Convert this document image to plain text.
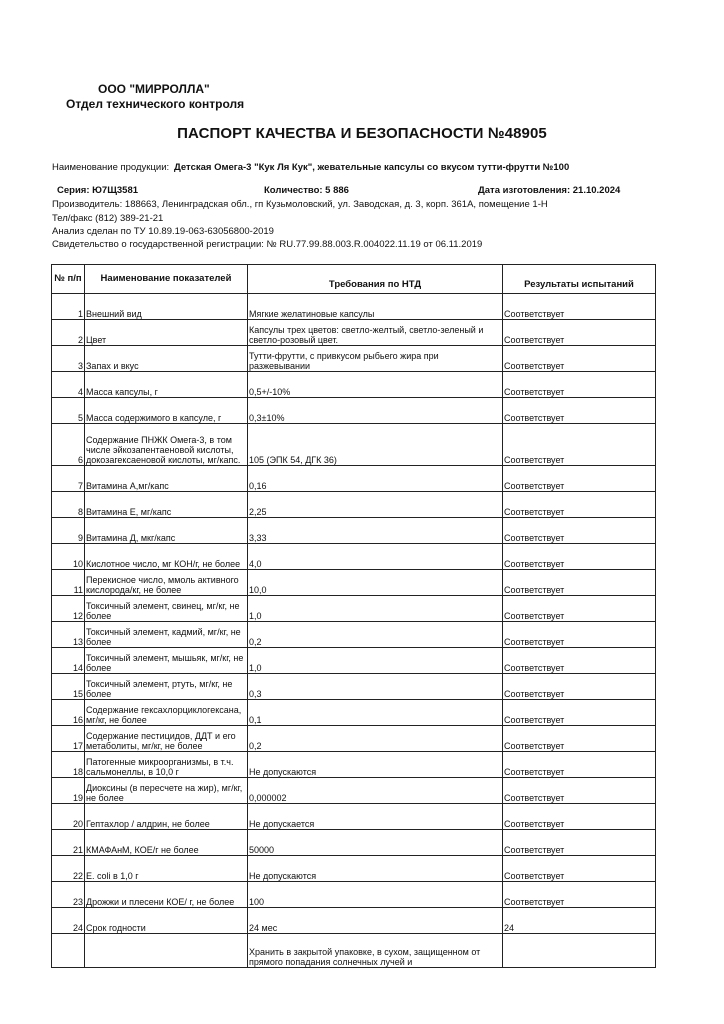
ООО "МИРРОЛЛА"
Отдел технического контроля
ПАСПОРТ КАЧЕСТВА И БЕЗОПАСНОСТИ №48905
Наименование продукции: Детская Омега-3 "Кук Ля Кук", жевательные капсулы со вкусом тутти-фрутти №100
Серия: Ю7Щ3581	Количество: 5 886	Дата изготовления: 21.10.2024
Производитель: 188663, Ленинградская обл., гп Кузьмоловский, ул. Заводская, д. 3, корп. 361А, помещение 1-Н
Тел/факс (812) 389-21-21
Анализ сделан по ТУ 10.89.19-063-63056800-2019
Свидетельство о государственной регистрации: № RU.77.99.88.003.R.004022.11.19 от 06.11.2019
№ п/п	Наименование показателей	Требования по НТД	Результаты испытаний
1	Внешний вид	Мягкие желатиновые капсулы	Соответствует
2	Цвет	Капсулы трех цветов: светло-желтый, светло-зеленый и светло-розовый цвет.	Соответствует
3	Запах и вкус	Тутти-фрутти, с привкусом рыбьего жира при разжевывании	Соответствует
4	Масса капсулы, г	0,5+/-10%	Соответствует
5	Масса содержимого в капсуле, г	0,3±10%	Соответствует
6	Содержание ПНЖК Омега-3, в том числе эйкозапентаеновой кислоты, докозагексаеновой кислоты, мг/капс.	105 (ЭПК 54, ДГК 36)	Соответствует
7	Витамина А,мг/капс	0,16	Соответствует
8	Витамина Е, мг/капс	2,25	Соответствует
9	Витамина Д, мкг/капс	3,33	Соответствует
10	Кислотное число, мг КОН/г, не более	4,0	Соответствует
11	Перекисное число, ммоль активного кислорода/кг, не более	10,0	Соответствует
12	Токсичный элемент, свинец, мг/кг, не более	1,0	Соответствует
13	Токсичный элемент, кадмий, мг/кг, не более	0,2	Соответствует
14	Токсичный элемент, мышьяк, мг/кг, не более	1,0	Соответствует
15	Токсичный элемент, ртуть, мг/кг, не более	0,3	Соответствует
16	Содержание гексахлорциклогексана, мг/кг, не более	0,1	Соответствует
17	Содержание пестицидов, ДДТ и его метаболиты, мг/кг, не более	0,2	Соответствует
18	Патогенные микроорганизмы, в т.ч. сальмонеллы, в 10,0 г	Не допускаются	Соответствует
19	Диоксины (в пересчете на жир), мг/кг, не более	0,000002	Соответствует
20	Гептахлор / алдрин, не более	Не допускается	Соответствует
21	КМАФАнМ, КОЕ/г не более	50000	Соответствует
22	E. coli в 1,0 г	Не допускаются	Соответствует
23	Дрожжи и плесени КОЕ/ г, не более	100	Соответствует
24	Срок годности	24 мес	24
		Хранить в закрытой упаковке, в сухом, защищенном от прямого попадания солнечных лучей и	
